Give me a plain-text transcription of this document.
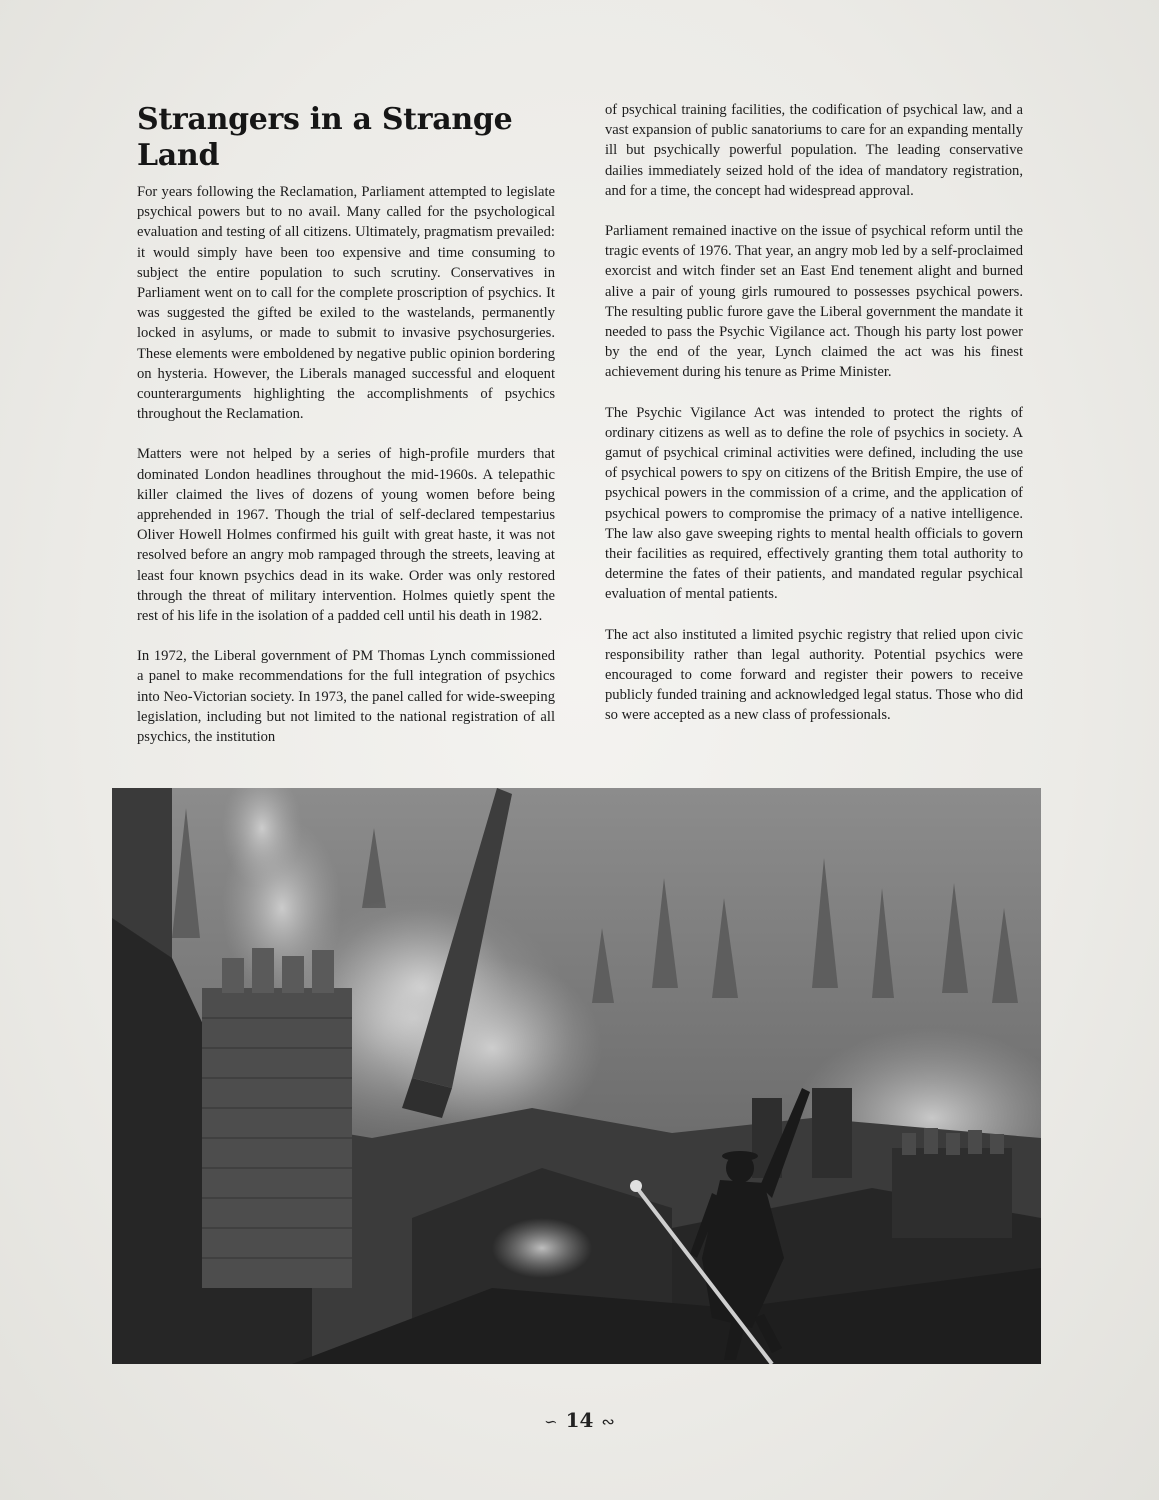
Strangers in a Strange Land

For years following the Reclamation, Parliament attempted to legislate psychical powers but to no avail. Many called for the psychological evaluation and testing of all citizens. Ultimately, pragmatism prevailed: it would simply have been too expensive and time consuming to subject the entire population to such scrutiny. Conservatives in Parliament went on to call for the complete proscription of psychics. It was suggested the gifted be exiled to the wastelands, permanently locked in asylums, or made to submit to invasive psychosurgeries. These elements were emboldened by negative public opinion bordering on hysteria. However, the Liberals managed successful and eloquent counterarguments highlighting the accomplishments of psychics throughout the Reclamation.

Matters were not helped by a series of high-profile murders that dominated London headlines throughout the mid-1960s. A telepathic killer claimed the lives of dozens of young women before being apprehended in 1967. Though the trial of self-declared tempestarius Oliver Howell Holmes confirmed his guilt with great haste, it was not resolved before an angry mob rampaged through the streets, leaving at least four known psychics dead in its wake. Order was only restored through the threat of military intervention. Holmes quietly spent the rest of his life in the isolation of a padded cell until his death in 1982.

In 1972, the Liberal government of PM Thomas Lynch commissioned a panel to make recommendations for the full integration of psychics into Neo-Victorian society. In 1973, the panel called for wide-sweeping legislation, including but not limited to the national registration of all psychics, the institution

of psychical training facilities, the codification of psychical law, and a vast expansion of public sanatoriums to care for an expanding mentally ill but psychically powerful population. The leading conservative dailies immediately seized hold of the idea of mandatory registration, and for a time, the concept had widespread approval.

Parliament remained inactive on the issue of psychical reform until the tragic events of 1976. That year, an angry mob led by a self-proclaimed exorcist and witch finder set an East End tenement alight and burned alive a pair of young girls rumoured to possesses psychical powers. The resulting public furore gave the Liberal government the mandate it needed to pass the Psychic Vigilance act. Though his party lost power by the end of the year, Lynch claimed the act was his finest achievement during his tenure as Prime Minister.

The Psychic Vigilance Act was intended to protect the rights of ordinary citizens as well as to define the role of psychics in society. A gamut of psychical criminal activities were defined, including the use of psychical powers to spy on citizens of the British Empire, the use of psychical powers in the commission of a crime, and the application of psychical powers to compromise the primacy of a native intelligence. The law also gave sweeping rights to mental health officials to govern their facilities as required, effectively granting them total authority to determine the fates of their patients, and mandated regular psychical evaluation of mental patients.

The act also instituted a limited psychic registry that relied upon civic responsibility rather than legal authority. Potential psychics were encouraged to come forward and register their powers to receive publicly funded training and acknowledged legal status. Those who did so were accepted as a new class of professionals.

∽ 14 ∾
